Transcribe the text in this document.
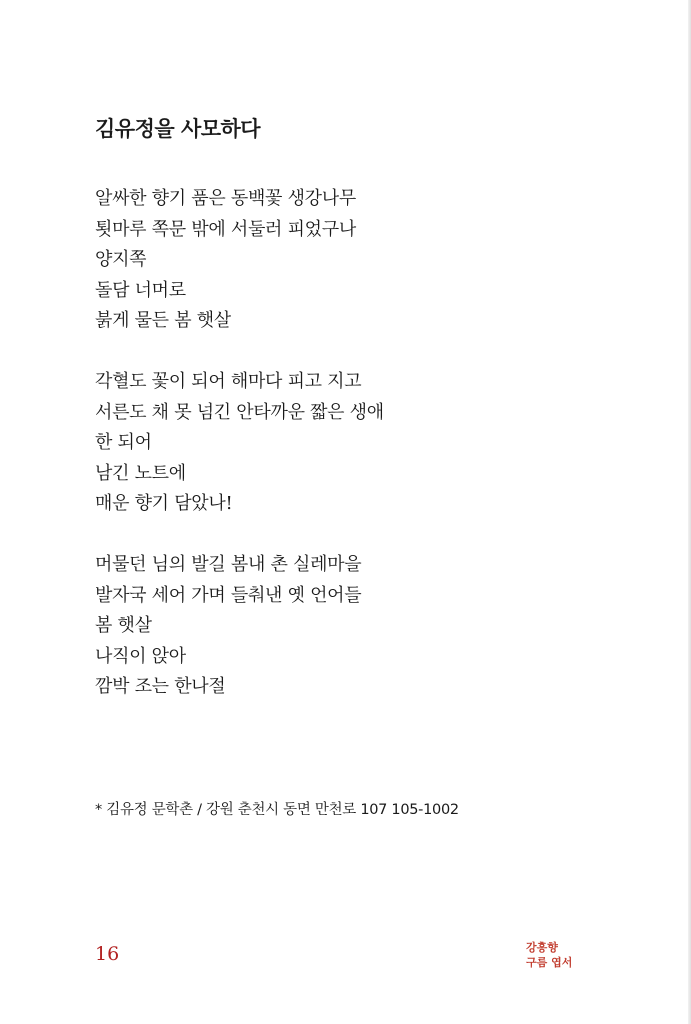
김유정을 사모하다
알싸한 향기 품은 동백꽃 생강나무
툇마루 쪽문 밖에 서둘러 피었구나
양지쪽
돌담 너머로
붉게 물든 봄 햇살
각혈도 꽃이 되어 해마다 피고 지고
서른도 채 못 넘긴 안타까운 짧은 생애
한 되어
남긴 노트에
매운 향기 담았나!
머물던 님의 발길 봄내 촌 실레마을
발자국 세어 가며 들춰낸 옛 언어들
봄 햇살
나직이 앉아
깜박 조는 한나절
* 김유정 문학촌 / 강원 춘천시 동면 만천로 107 105-1002
16	강흥향
구름 엽서
